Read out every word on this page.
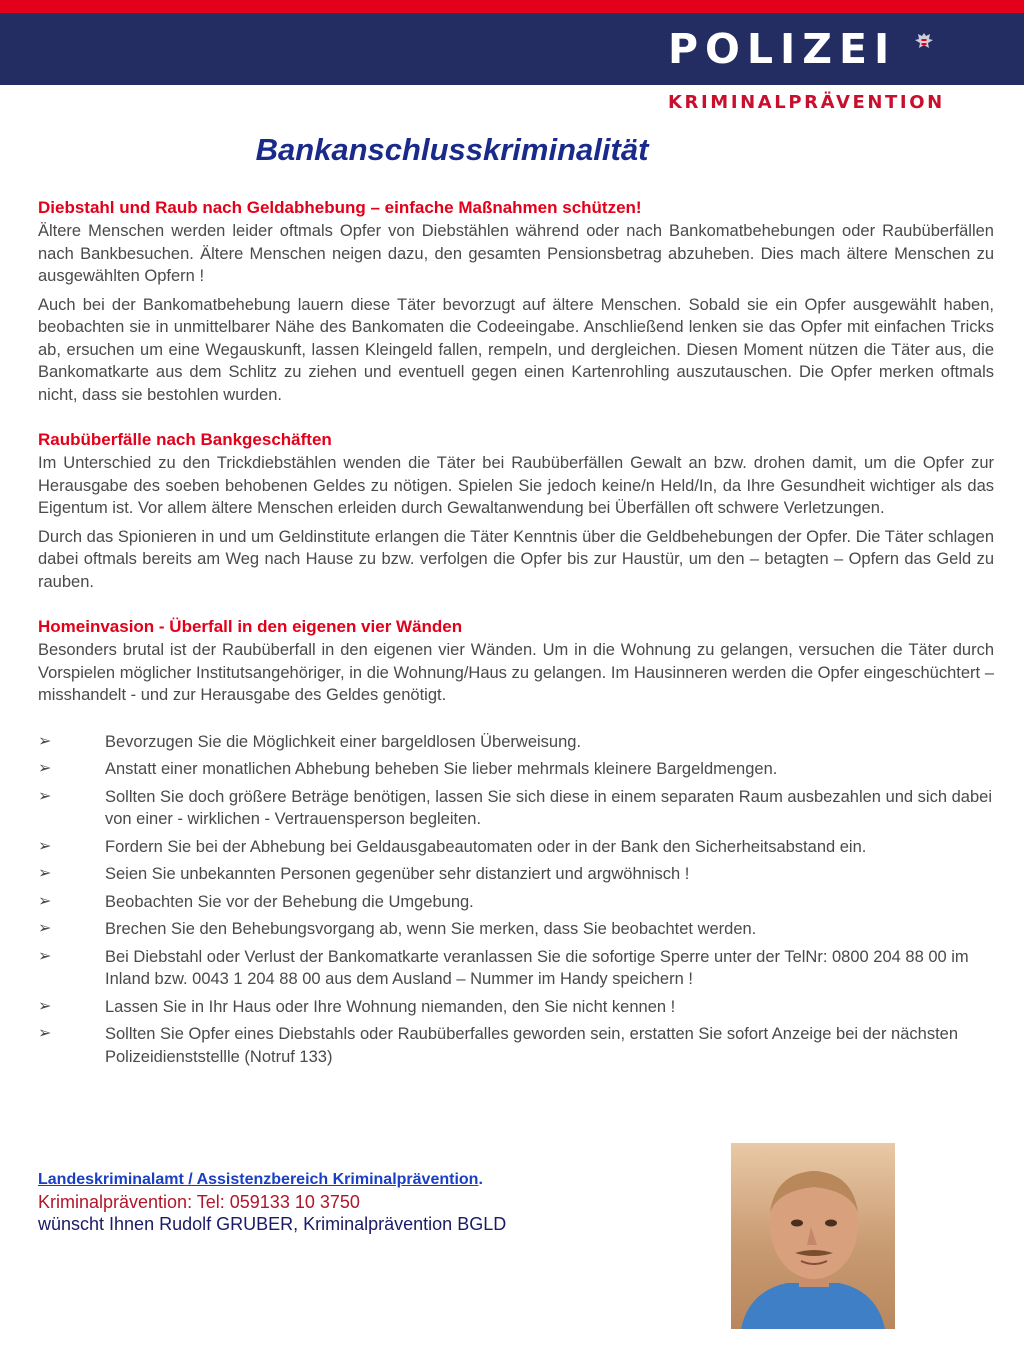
POLIZEI
KRIMINALPRÄVENTION
Bankanschlusskriminalität

Diebstahl und Raub nach Geldabhebung – einfache Maßnahmen schützen!

Ältere Menschen werden leider oftmals Opfer von Diebstählen während oder nach Bankomatbehebungen oder Raubüberfällen nach Bankbesuchen. Ältere Menschen neigen dazu, den gesamten Pensionsbetrag abzuheben. Dies mach ältere Menschen zu ausgewählten Opfern !

Auch bei der Bankomatbehebung lauern diese Täter bevorzugt auf ältere Menschen. Sobald sie ein Opfer ausgewählt haben, beobachten sie in unmittelbarer Nähe des Bankomaten die Codeeingabe. Anschließend lenken sie das Opfer mit einfachen Tricks ab, ersuchen um eine Wegauskunft, lassen Kleingeld fallen, rempeln, und dergleichen. Diesen Moment nützen die Täter aus, die Bankomatkarte aus dem Schlitz zu ziehen und eventuell gegen einen Kartenrohling auszutauschen. Die Opfer merken oftmals nicht, dass sie bestohlen wurden.

Raubüberfälle nach Bankgeschäften

Im Unterschied zu den Trickdiebstählen wenden die Täter bei Raubüberfällen Gewalt an bzw. drohen damit, um die Opfer zur Herausgabe des soeben behobenen Geldes zu nötigen. Spielen Sie jedoch keine/n Held/In, da Ihre Gesundheit wichtiger als das Eigentum ist. Vor allem ältere Menschen erleiden durch Gewaltanwendung bei Überfällen oft schwere Verletzungen.

Durch das Spionieren in und um Geldinstitute erlangen die Täter Kenntnis über die Geldbehebungen der Opfer. Die Täter schlagen dabei oftmals bereits am Weg nach Hause zu bzw. verfolgen die Opfer bis zur Haustür, um den – betagten – Opfern das Geld zu rauben.

Homeinvasion - Überfall in den eigenen vier Wänden

Besonders brutal ist der Raubüberfall in den eigenen vier Wänden. Um in die Wohnung zu gelangen, versuchen die Täter durch Vorspielen möglicher Institutsangehöriger, in die Wohnung/Haus zu gelangen. Im Hausinneren werden die Opfer eingeschüchtert – misshandelt - und zur Herausgabe des Geldes genötigt.

➢	Bevorzugen Sie die Möglichkeit einer bargeldlosen Überweisung.
➢	Anstatt einer monatlichen Abhebung beheben Sie lieber mehrmals kleinere Bargeldmengen.
➢	Sollten Sie doch größere Beträge benötigen, lassen Sie sich diese in einem separaten Raum ausbezahlen und sich dabei von einer - wirklichen - Vertrauensperson begleiten.
➢	Fordern Sie bei der Abhebung bei Geldausgabeautomaten oder in der Bank den Sicherheitsabstand ein.
➢	Seien Sie unbekannten Personen gegenüber sehr distanziert und argwöhnisch !
➢	Beobachten Sie vor der Behebung die Umgebung.
➢	Brechen Sie den Behebungsvorgang ab, wenn Sie merken, dass Sie beobachtet werden.
➢	Bei Diebstahl oder Verlust der Bankomatkarte veranlassen Sie die sofortige Sperre unter der TelNr: 0800 204 88 00 im Inland bzw. 0043 1 204 88 00 aus dem Ausland – Nummer im Handy speichern !
➢	Lassen Sie in Ihr Haus oder Ihre Wohnung niemanden, den Sie nicht kennen !
➢	Sollten Sie Opfer eines Diebstahls oder Raubüberfalles geworden sein, erstatten Sie sofort Anzeige bei der nächsten Polizeidienststellle (Notruf 133)
Landeskriminalamt / Assistenzbereich Kriminalprävention.
Kriminalprävention: Tel: 059133 10 3750
wünscht Ihnen Rudolf GRUBER, Kriminalprävention BGLD
